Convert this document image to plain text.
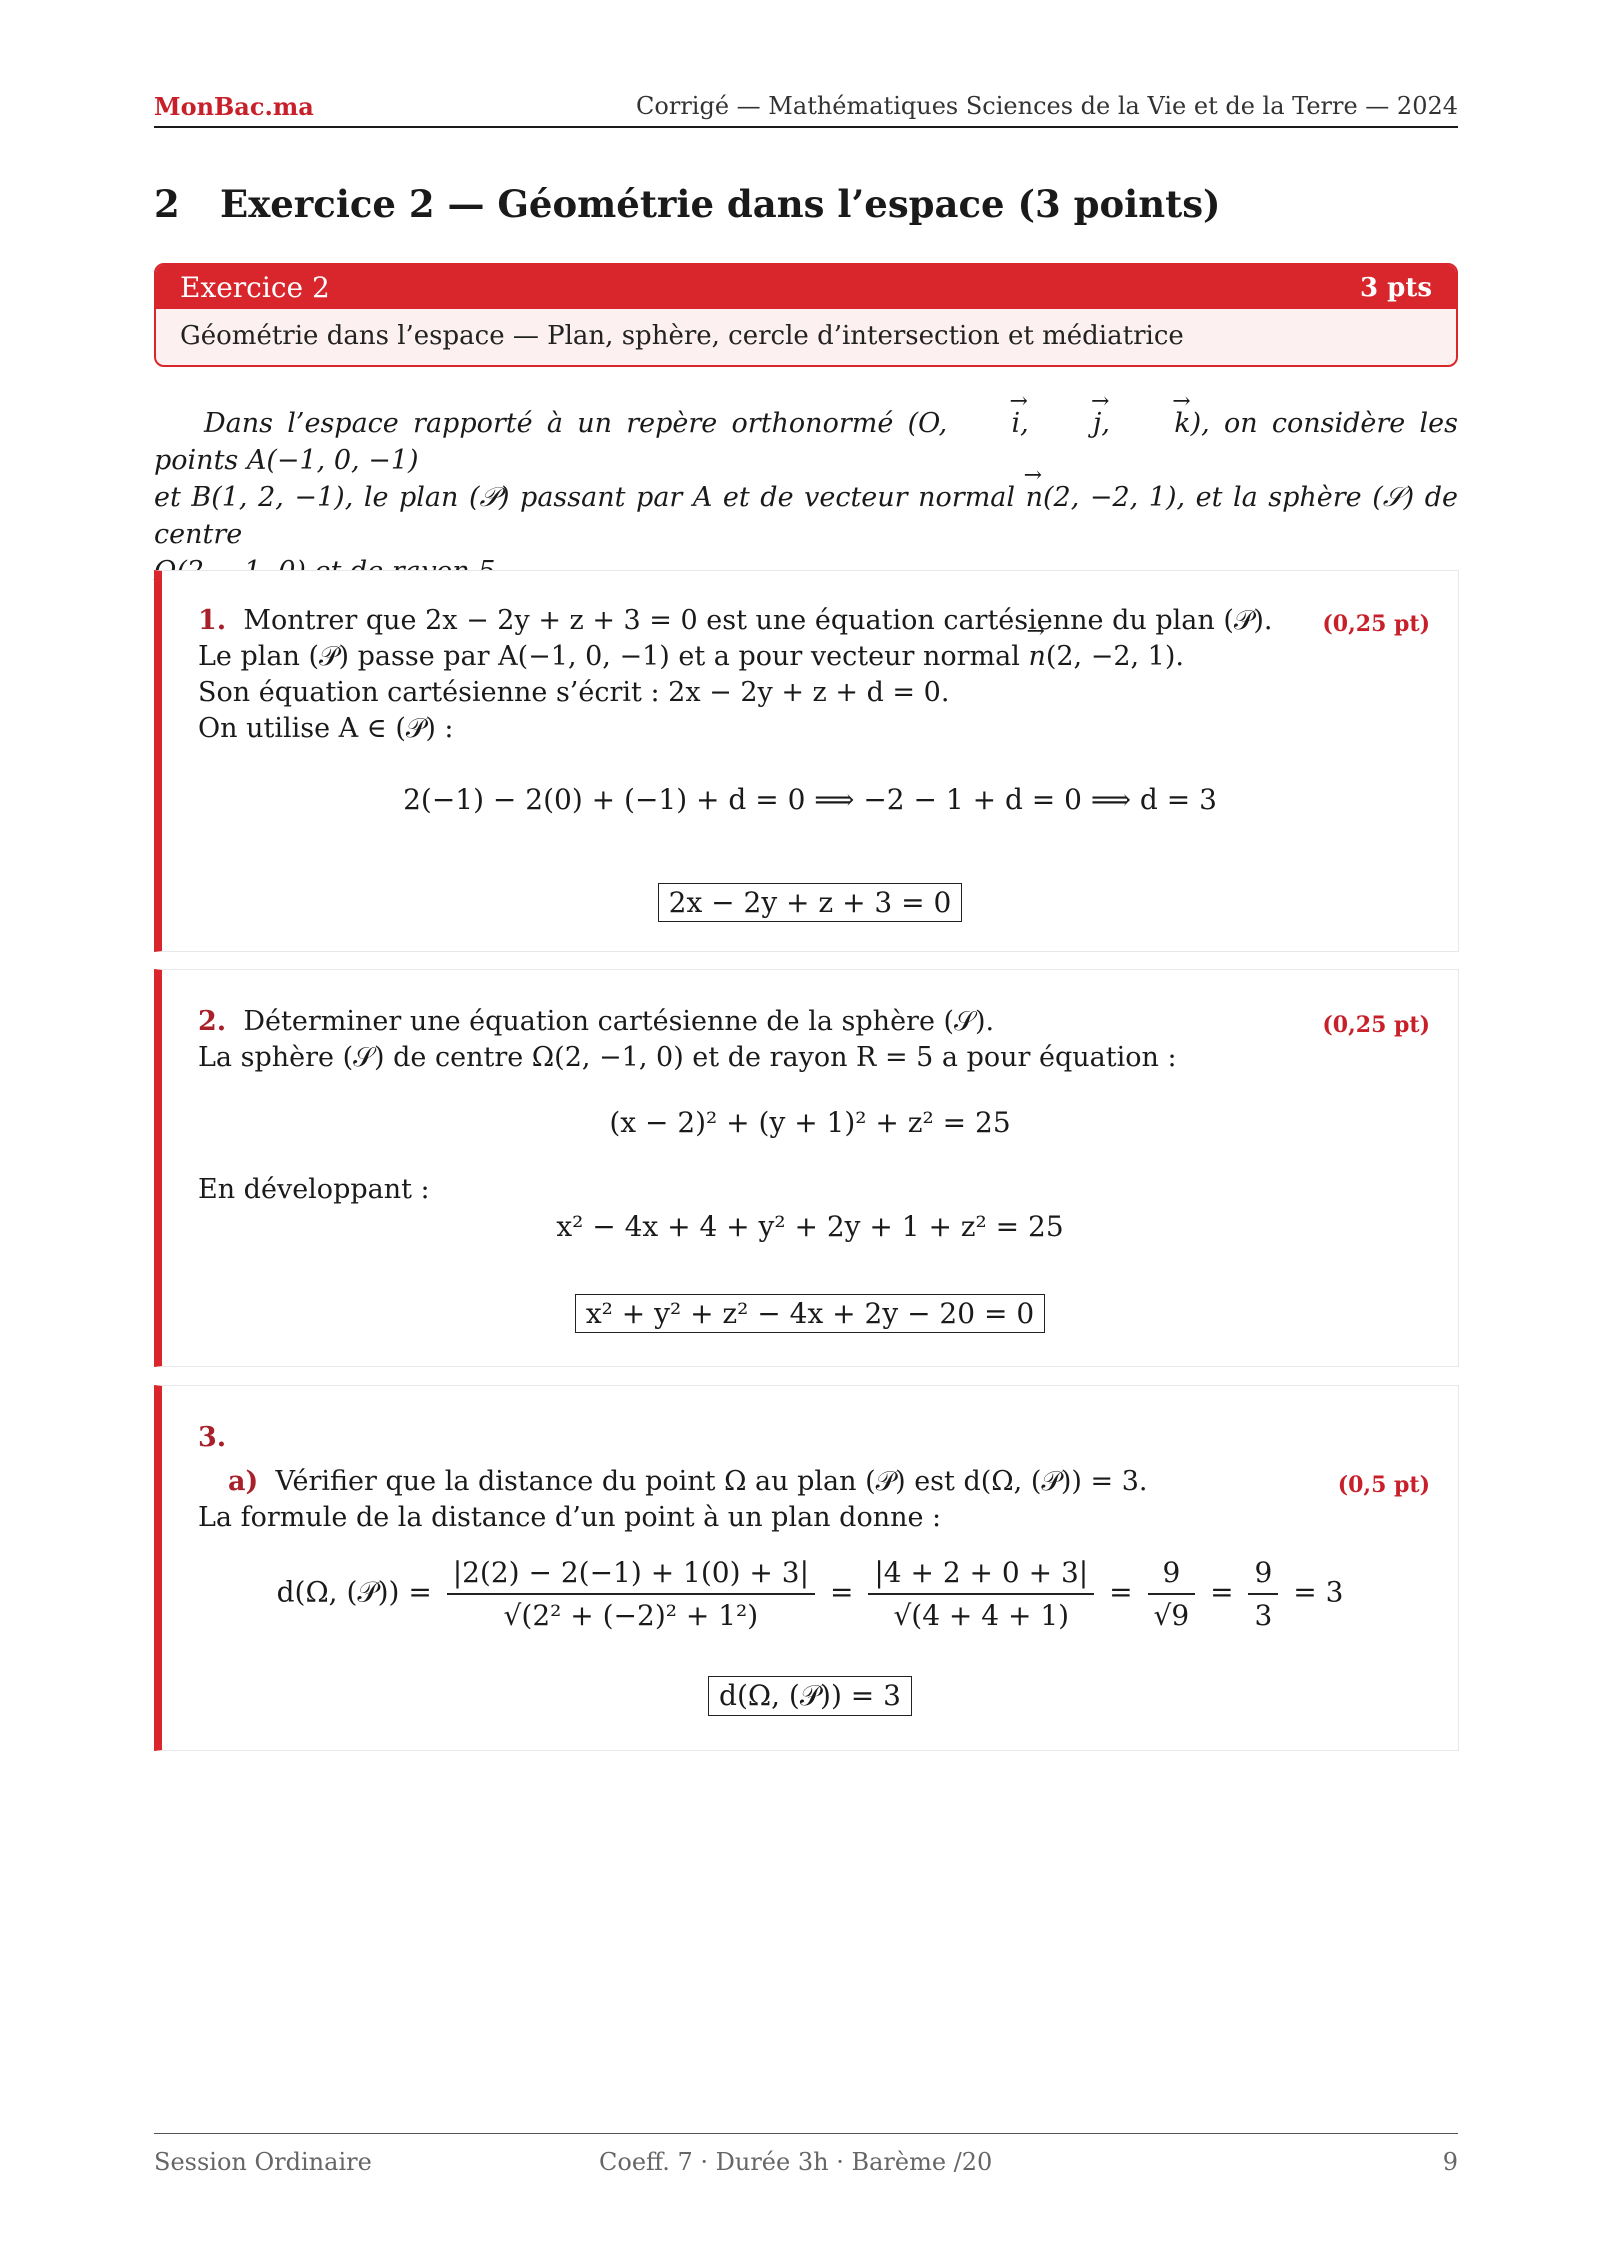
MonBac.ma	Corrigé — Mathématiques Sciences de la Vie et de la Terre — 2024
2 Exercice 2 — Géométrie dans l’espace (3 points)
Exercice 2	3 pts
Géométrie dans l’espace — Plan, sphère, cercle d’intersection et médiatrice

Dans l’espace rapporté à un repère orthonormé (O, → i, → j, → k), on considère les points A(−1, 0, −1)

et B(1, 2, −1), le plan (𝒫) passant par A et de vecteur normal → n(2, −2, 1), et la sphère (𝒮) de centre
1. Montrer que 2x − 2y + z + 3 = 0 est une équation cartésienne du plan (𝒫). (0,25 pt)
Le plan (𝒫) passe par A(−1, 0, −1) et a pour vecteur normal → n(2, −2, 1).
Son équation cartésienne s’écrit : 2x − 2y + z + d = 0.
On utilise A ∈ (𝒫) :
2(−1) − 2(0) + (−1) + d = 0 ⟹ −2 − 1 + d = 0 ⟹ d = 3
2x − 2y + z + 3 = 0
2. Déterminer une équation cartésienne de la sphère (𝒮).	(0,25 pt)
La sphère (𝒮) de centre Ω(2, −1, 0) et de rayon R = 5 a pour équation :
(x − 2)² + (y + 1)² + z² = 25
En développant :
x² − 4x + 4 + y² + 2y + 1 + z² = 25
x² + y² + z² − 4x + 2y − 20 = 0
3.
a) Vérifier que la distance du point Ω au plan (𝒫) est d(Ω, (𝒫)) = 3.	(0,5 pt)
La formule de la distance d’un point à un plan donne :
d(Ω, (𝒫)) = $\frac{|2(2) - 2(-1) + 1(0) + 3|}{\text{√(2² + (−2)² + 1²)}} = \frac{|4 + 2 + 0 + 3|}{√(4 + 4 + 1)} = \frac{9}{√9} = \frac{9}{3} = 3$
d(Ω, (𝒫)) = 3
Session Ordinaire	Coeff. 7 · Durée 3h · Barème /20	9
